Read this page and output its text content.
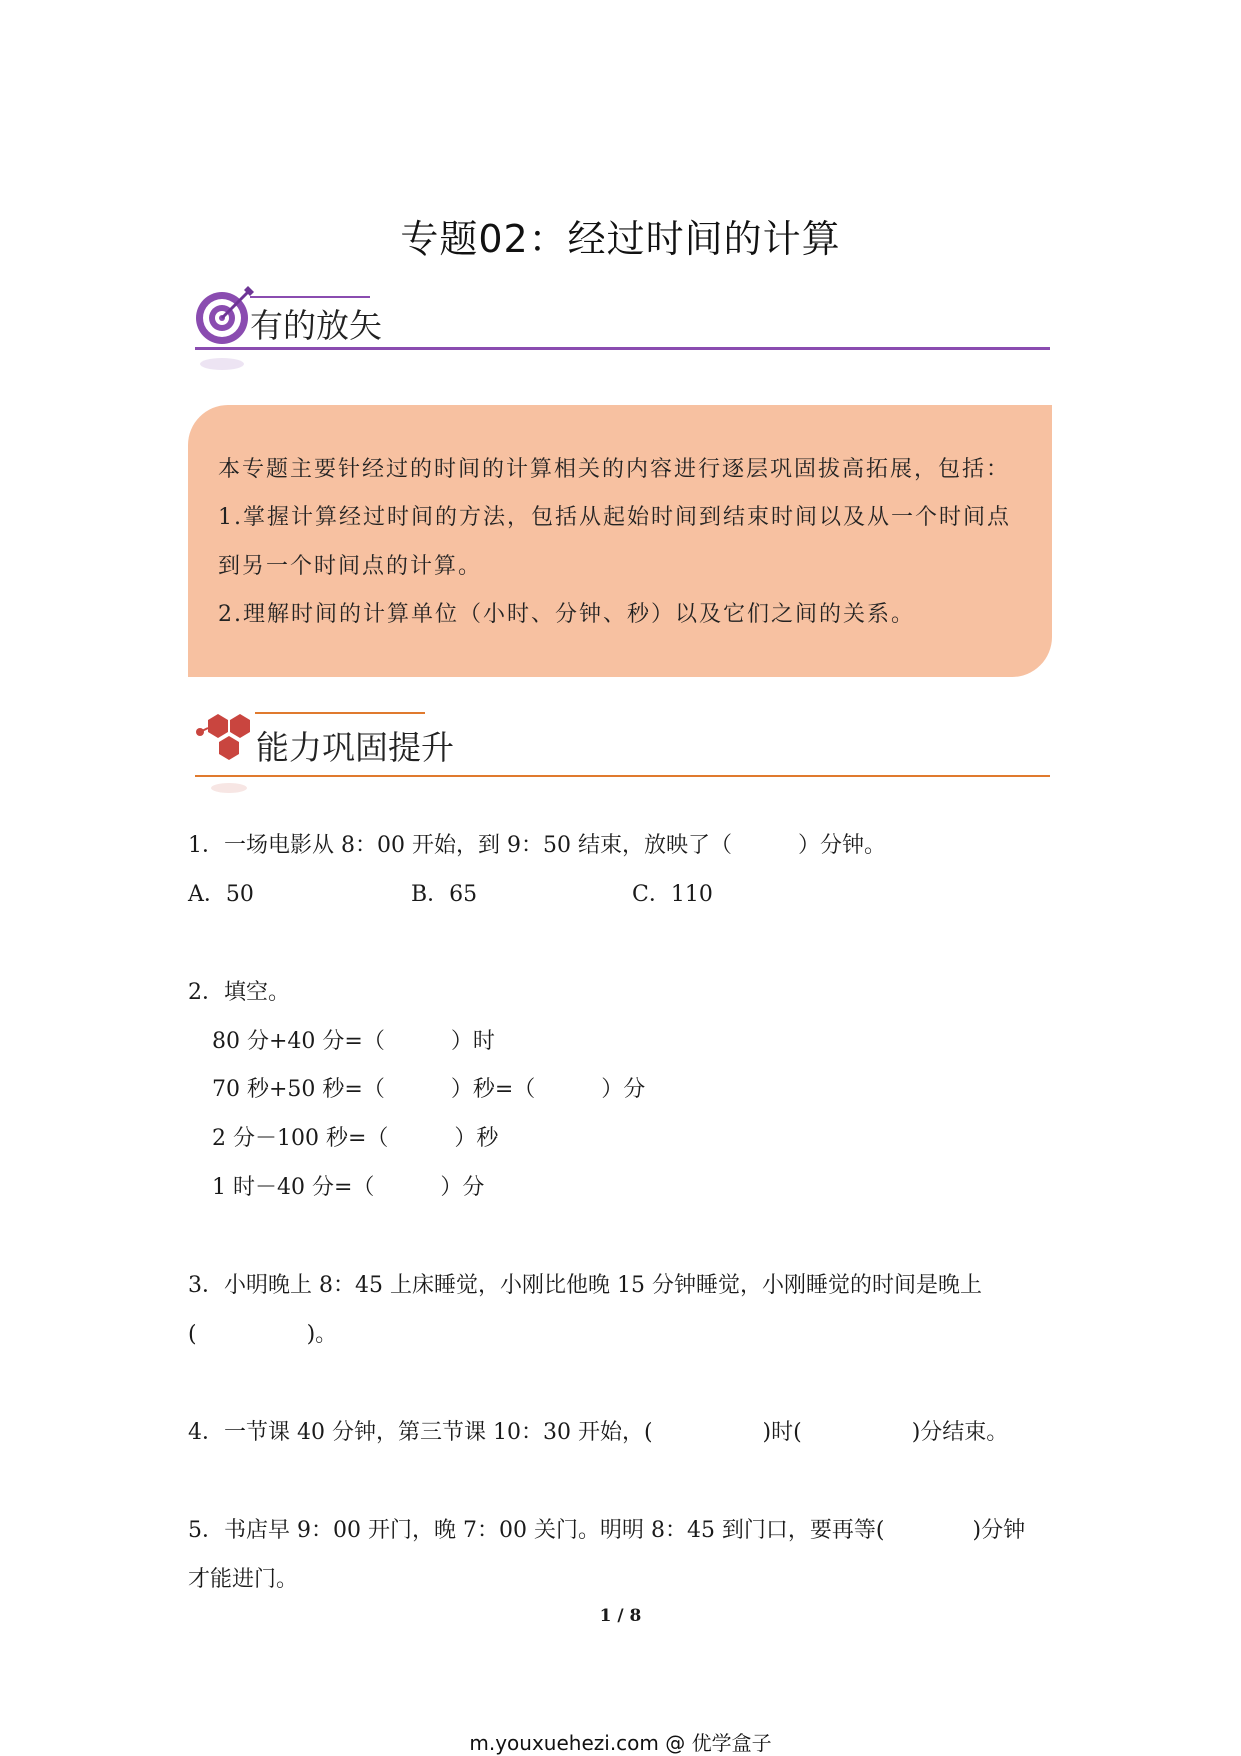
专题02：经过时间的计算
有的放矢
本专题主要针经过的时间的计算相关的内容进行逐层巩固拔高拓展，包括：
1.掌握计算经过时间的方法，包括从起始时间到结束时间以及从一个时间点
到另一个时间点的计算。
2.理解时间的计算单位（小时、分钟、秒）以及它们之间的关系。
能力巩固提升
1．一场电影从 8：00 开始，到 9：50 结束，放映了（　　　）分钟。
A．50	B．65	C．110
2．填空。
80 分+40 分=（　　　）时
70 秒+50 秒=（　　　）秒=（　　　）分
2 分－100 秒=（　　　）秒
1 时－40 分=（　　　）分
3．小明晚上 8：45 上床睡觉，小刚比他晚 15 分钟睡觉，小刚睡觉的时间是晚上
(　　　　　)。
4．一节课 40 分钟，第三节课 10：30 开始，(　　　　　)时(　　　　　)分结束。
5．书店早 9：00 开门，晚 7：00 关门。明明 8：45 到门口，要再等(　　　　)分钟
才能进门。
1 / 8
m.youxuehezi.com @ 优学盒子
